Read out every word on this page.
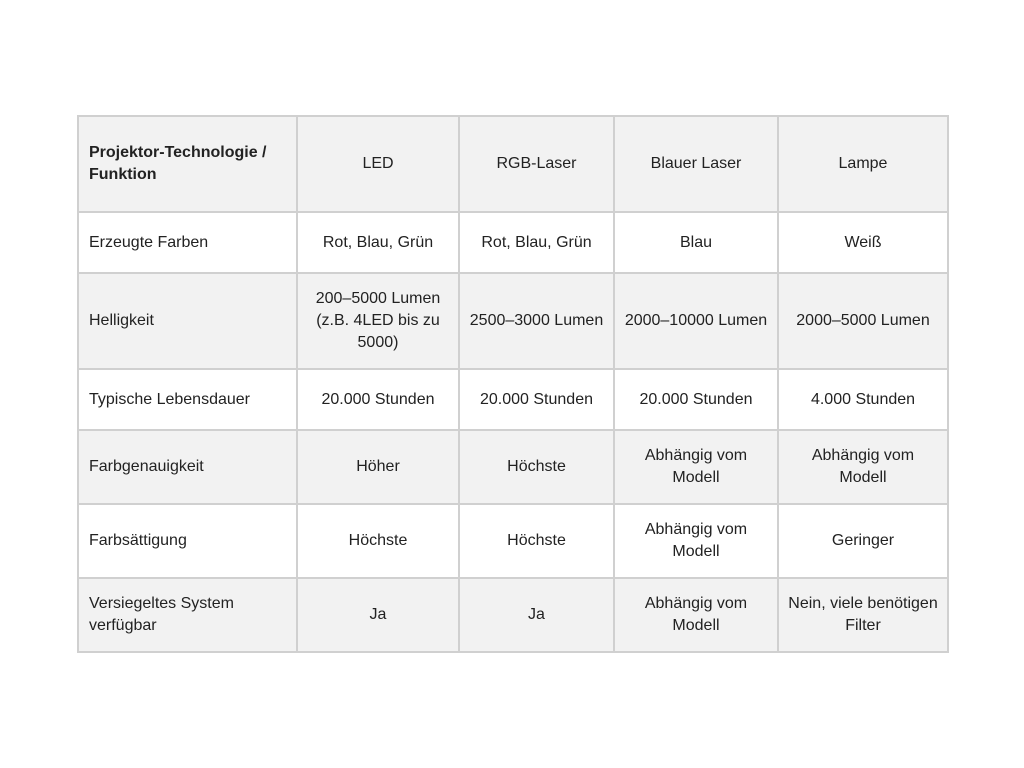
Projektor-Technologie / Funktion	LED	RGB-Laser	Blauer Laser	Lampe
Erzeugte Farben	Rot, Blau, Grün	Rot, Blau, Grün	Blau	Weiß
Helligkeit	200–5000 Lumen (z.B. 4LED bis zu 5000)	2500–3000 Lumen	2000–10000 Lumen	2000–5000 Lumen
Typische Lebensdauer	20.000 Stunden	20.000 Stunden	20.000 Stunden	4.000 Stunden
Farbgenauigkeit	Höher	Höchste	Abhängig vom Modell	Abhängig vom Modell
Farbsättigung	Höchste	Höchste	Abhängig vom Modell	Geringer
Versiegeltes System verfügbar	Ja	Ja	Abhängig vom Modell	Nein, viele benötigen Filter
